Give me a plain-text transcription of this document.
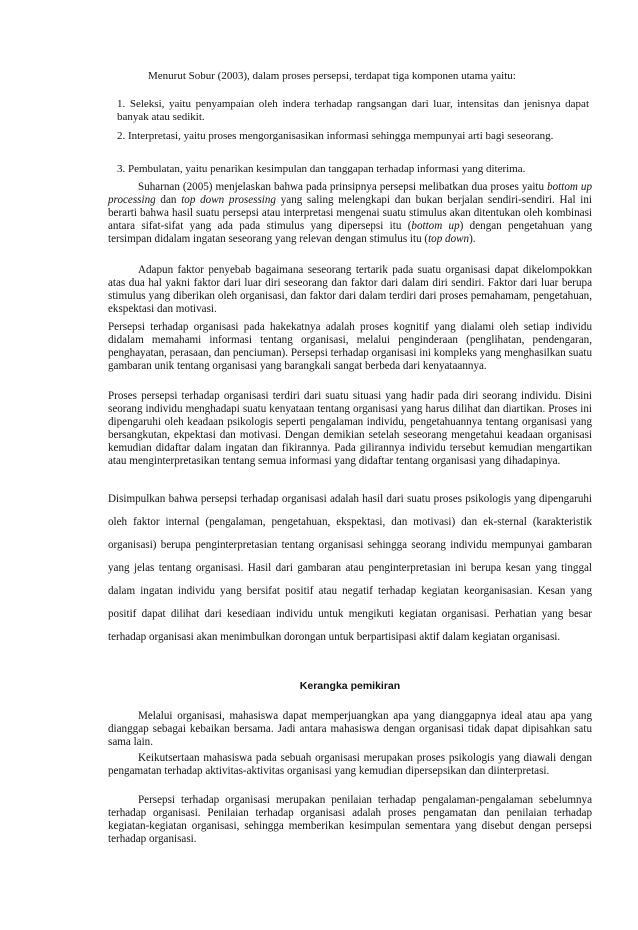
Menurut Sobur (2003), dalam proses persepsi, terdapat tiga komponen utama yaitu:

1. Seleksi, yaitu penyampaian oleh indera terhadap rangsangan dari luar, intensitas dan jenisnya dapat banyak atau sedikit.

2. Interpretasi, yaitu proses mengorganisasikan informasi sehingga mempunyai arti bagi seseorang.

3. Pembulatan, yaitu penarikan kesimpulan dan tanggapan terhadap informasi yang diterima.

Suharnan (2005) menjelaskan bahwa pada prinsipnya persepsi melibatkan dua proses yaitu bottom up processing dan top down prosessing yang saling melengkapi dan bukan berjalan sendiri-sendiri. Hal ini berarti bahwa hasil suatu persepsi atau interpretasi mengenai suatu stimulus akan ditentukan oleh kombinasi antara sifat-sifat yang ada pada stimulus yang dipersepsi itu (bottom up) dengan pengetahuan yang tersimpan didalam ingatan seseorang yang relevan dengan stimulus itu (top down).

Adapun faktor penyebab bagaimana seseorang tertarik pada suatu organisasi dapat dikelompokkan atas dua hal yakni faktor dari luar diri seseorang dan faktor dari dalam diri sendiri. Faktor dari luar berupa stimulus yang diberikan oleh organisasi, dan faktor dari dalam terdiri dari proses pemahamam, pengetahuan, ekspektasi dan motivasi.

Persepsi terhadap organisasi pada hakekatnya adalah proses kognitif yang dialami oleh setiap individu didalam memahami informasi tentang organisasi, melalui penginderaan (penglihatan, pendengaran, penghayatan, perasaan, dan penciuman). Persepsi terhadap organisasi ini kompleks yang menghasilkan suatu gambaran unik tentang organisasi yang barangkali sangat berbeda dari kenyataannya.

Proses persepsi terhadap organisasi terdiri dari suatu situasi yang hadir pada diri seorang individu. Disini seorang individu menghadapi suatu kenyataan tentang organisasi yang harus dilihat dan diartikan. Proses ini dipengaruhi oleh keadaan psikologis seperti pengalaman individu, pengetahuannya tentang organisasi yang bersangkutan, ekpektasi dan motivasi. Dengan demikian setelah seseorang mengetahui keadaan organisasi kemudian didaftar dalam ingatan dan fikirannya. Pada gilirannya individu tersebut kemudian mengartikan atau menginterpretasikan tentang semua informasi yang didaftar tentang organisasi yang dihadapinya.

Disimpulkan bahwa persepsi terhadap organisasi adalah hasil dari suatu proses psikologis yang dipengaruhi oleh faktor internal (pengalaman, pengetahuan, ekspektasi, dan motivasi) dan ek-sternal (karakteristik organisasi) berupa penginterpretasian tentang organisasi sehingga seorang individu mempunyai gambaran yang jelas tentang organisasi. Hasil dari gambaran atau penginterpretasian ini berupa kesan yang tinggal dalam ingatan individu yang bersifat positif atau negatif terhadap kegiatan keorganisasian. Kesan yang positif dapat dilihat dari kesediaan individu untuk mengikuti kegiatan organisasi. Perhatian yang besar terhadap organisasi akan menimbulkan dorongan untuk berpartisipasi aktif dalam kegiatan organisasi.

Kerangka pemikiran

Melalui organisasi, mahasiswa dapat memperjuangkan apa yang dianggapnya ideal atau apa yang dianggap sebagai kebaikan bersama. Jadi antara mahasiswa dengan organisasi tidak dapat dipisahkan satu sama lain.

Keikutsertaan mahasiswa pada sebuah organisasi merupakan proses psikologis yang diawali dengan pengamatan terhadap aktivitas-aktivitas organisasi yang kemudian dipersepsikan dan diinterpretasi.

Persepsi terhadap organisasi merupakan penilaian terhadap pengalaman-pengalaman sebelumnya terhadap organisasi. Penilaian terhadap organisasi adalah proses pengamatan dan penilaian terhadap kegiatan-kegiatan organisasi, sehingga memberikan kesimpulan sementara yang disebut dengan persepsi terhadap organisasi.
